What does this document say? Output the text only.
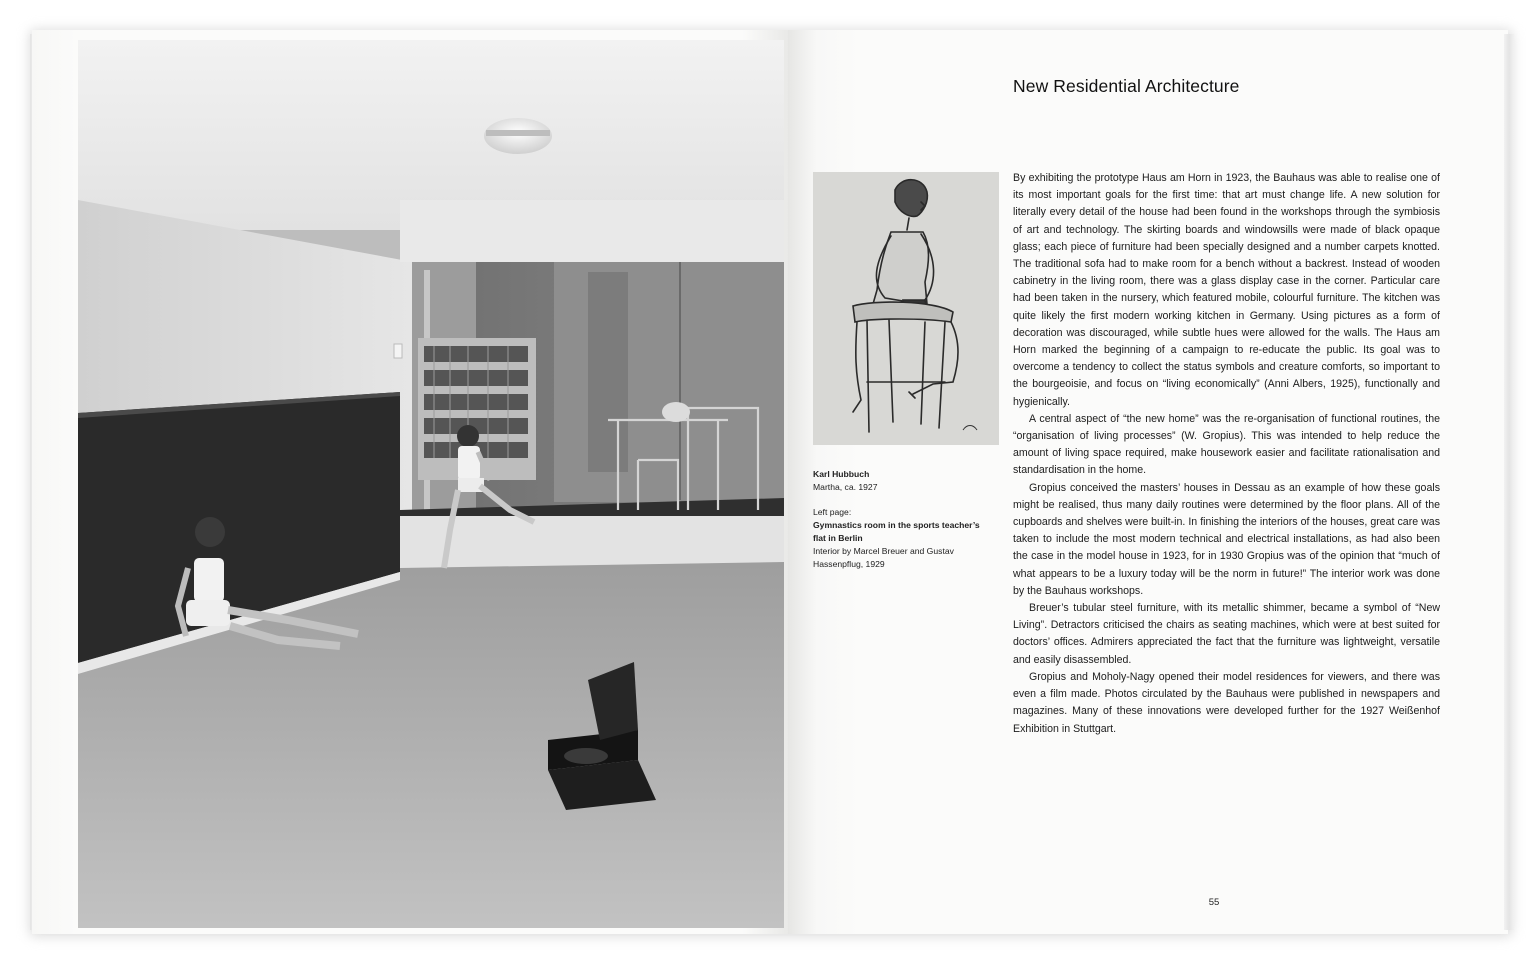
Karl Hubbuch
Martha, ca. 1927
Left page:
Gymnastics room in the sports teacher’s flat in Berlin
Interior by Marcel Breuer and Gustav Hassenpflug, 1929
New Residential Architecture

By exhibiting the prototype Haus am Horn in 1923, the Bauhaus was able to realise one of its most important goals for the first time: that art must change life. A new solution for literally every detail of the house had been found in the workshops through the symbiosis of art and technology. The skirting boards and windowsills were made of black opaque glass; each piece of furniture had been specially designed and a number carpets knotted. The traditional sofa had to make room for a bench without a backrest. Instead of wooden cabinetry in the living room, there was a glass display case in the corner. Particular care had been taken in the nursery, which featured mobile, colourful furniture. The kitchen was quite likely the first modern working kitchen in Germany. Using pictures as a form of decoration was discouraged, while subtle hues were allowed for the walls. The Haus am Horn marked the beginning of a campaign to re-educate the public. Its goal was to overcome a tendency to collect the status symbols and creature comforts, so important to the bourgeoisie, and focus on “living economically” (Anni Albers, 1925), functionally and hygienically.

A central aspect of “the new home” was the re-organisation of functional routines, the “organisation of living processes” (W. Gropius). This was intended to help reduce the amount of living space required, make housework easier and facilitate rationalisation and standardisation in the home.

Gropius conceived the masters’ houses in Dessau as an example of how these goals might be realised, thus many daily routines were determined by the floor plans. All of the cupboards and shelves were built-in. In finishing the interiors of the houses, great care was taken to include the most modern technical and electrical installations, as had also been the case in the model house in 1923, for in 1930 Gropius was of the opinion that “much of what appears to be a luxury today will be the norm in future!” The interior work was done by the Bauhaus workshops.

Breuer’s tubular steel furniture, with its metallic shimmer, became a symbol of “New Living”. Detractors criticised the chairs as seating machines, which were at best suited for doctors’ offices. Admirers appreciated the fact that the furniture was lightweight, versatile and easily disassembled.

Gropius and Moholy-Nagy opened their model residences for viewers, and there was even a film made. Photos circulated by the Bauhaus were published in newspapers and magazines. Many of these innovations were developed further for the 1927 Weißenhof Exhibition in Stuttgart.

55
